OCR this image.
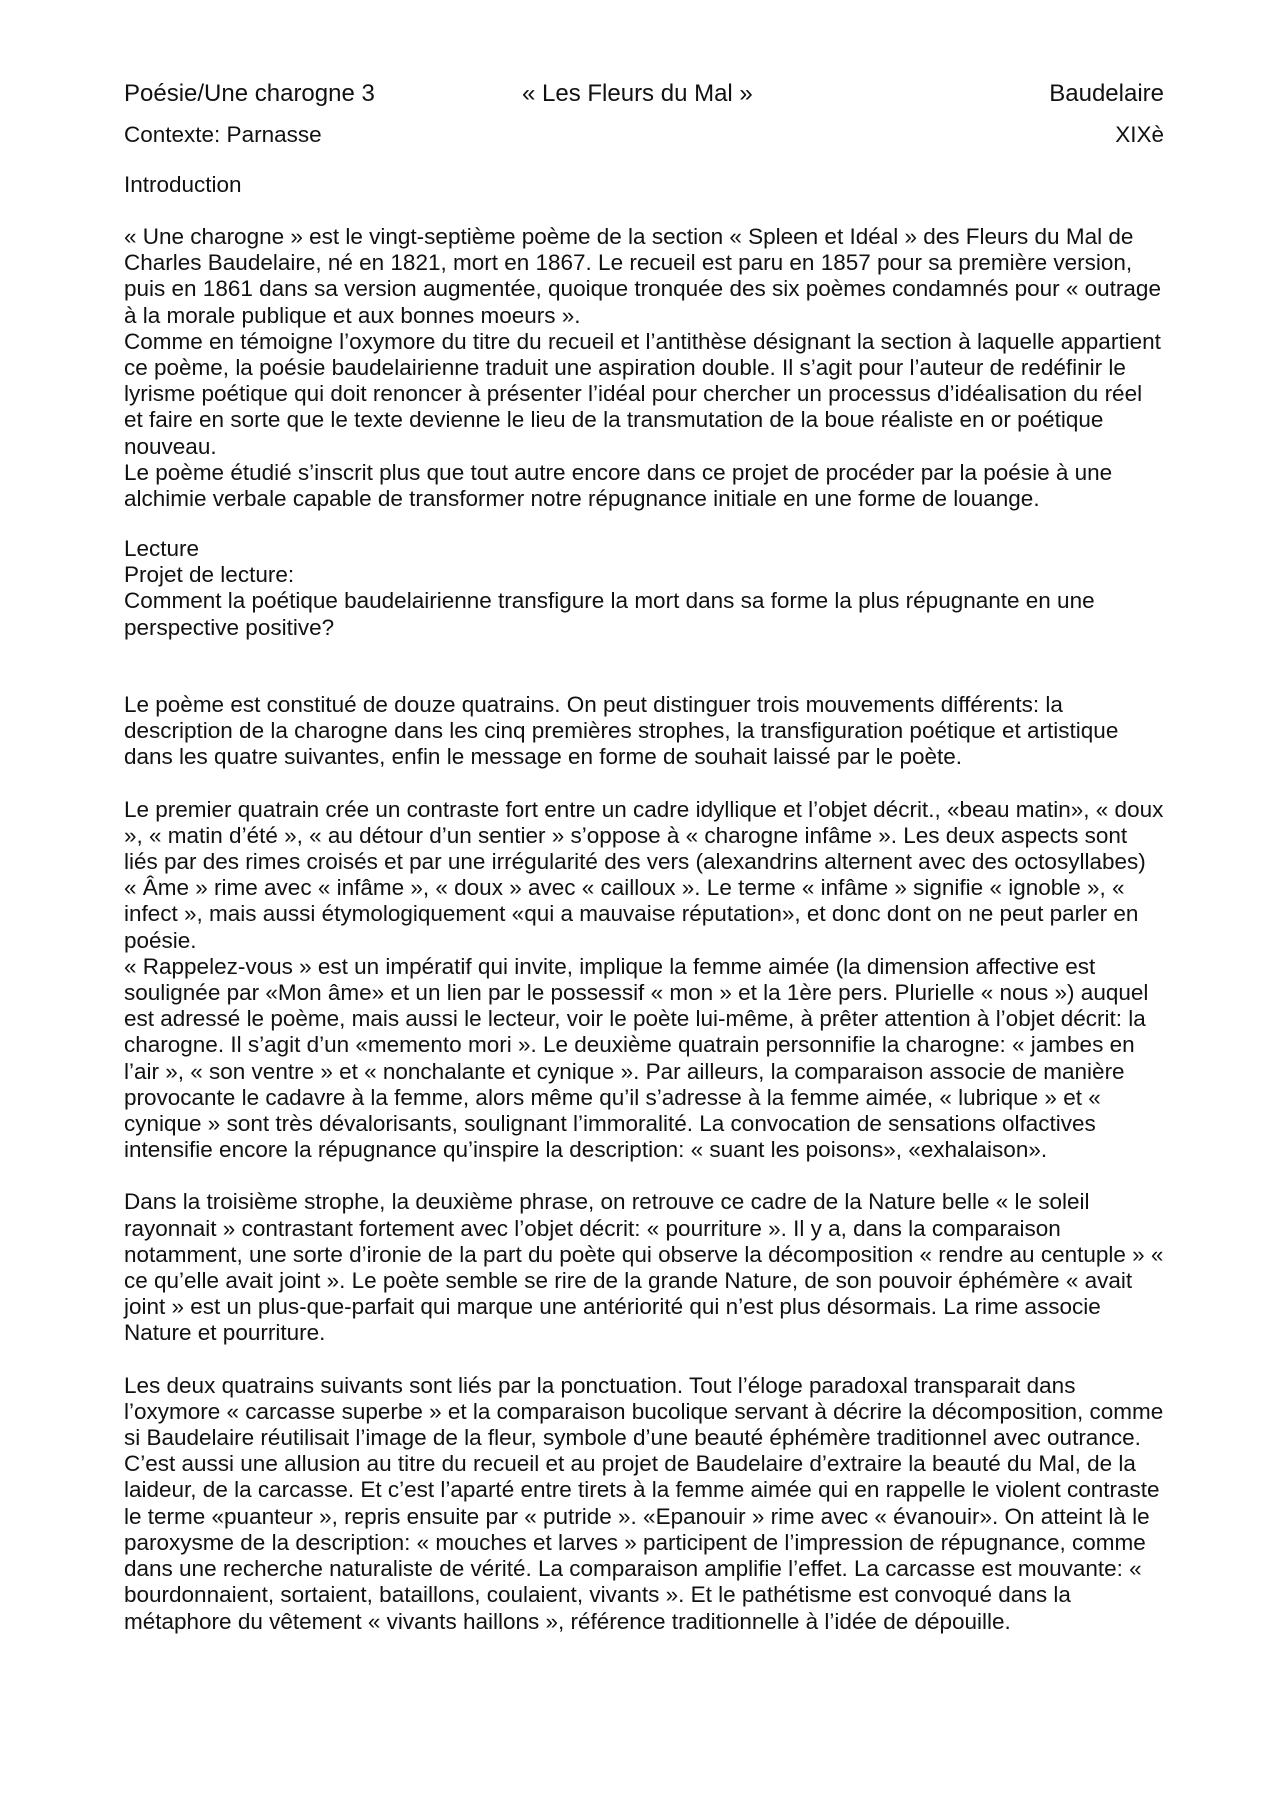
Poésie/Une charogne 3	« Les Fleurs du Mal »	Baudelaire
Contexte: Parnasse	XIXè

Introduction

« Une charogne » est le vingt-septième poème de la section « Spleen et Idéal » des Fleurs du Mal de Charles Baudelaire, né en 1821, mort en 1867. Le recueil est paru en 1857 pour sa première version, puis en 1861 dans sa version augmentée, quoique tronquée des six poèmes condamnés pour « outrage à la morale publique et aux bonnes moeurs ».

Comme en témoigne l’oxymore du titre du recueil et l’antithèse désignant la section à laquelle appartient ce poème, la poésie baudelairienne traduit une aspiration double. Il s’agit pour l’auteur de redéfinir le lyrisme poétique qui doit renoncer à présenter l’idéal pour chercher un processus d’idéalisation du réel et faire en sorte que le texte devienne le lieu de la transmutation de la boue réaliste en or poétique nouveau.

Le poème étudié s’inscrit plus que tout autre encore dans ce projet de procéder par la poésie à une alchimie verbale capable de transformer notre répugnance initiale en une forme de louange.

Lecture

Projet de lecture:

Comment la poétique baudelairienne transfigure la mort dans sa forme la plus répugnante en une perspective positive?

Le poème est constitué de douze quatrains. On peut distinguer trois mouvements différents: la description de la charogne dans les cinq premières strophes, la transfiguration poétique et artistique dans les quatre suivantes, enfin le message en forme de souhait laissé par le poète.

Le premier quatrain crée un contraste fort entre un cadre idyllique et l’objet décrit., «beau matin», « doux », « matin d’été », « au détour d’un sentier » s’oppose à « charogne infâme ». Les deux aspects sont liés par des rimes croisés et par une irrégularité des vers (alexandrins alternent avec des octosyllabes) « Âme » rime avec « infâme », « doux » avec « cailloux ». Le terme « infâme » signifie « ignoble », « infect », mais aussi étymologiquement «qui a mauvaise réputation», et donc dont on ne peut parler en poésie.

« Rappelez-vous » est un impératif qui invite, implique la femme aimée (la dimension affective est soulignée par «Mon âme» et un lien par le possessif « mon » et la 1ère pers. Plurielle « nous ») auquel est adressé le poème, mais aussi le lecteur, voir le poète lui-même, à prêter attention à l’objet décrit: la charogne. Il s’agit d’un «memento mori ». Le deuxième quatrain personnifie la charogne: « jambes en l’air », « son ventre » et « nonchalante et cynique ». Par ailleurs, la comparaison associe de manière provocante le cadavre à la femme, alors même qu’il s’adresse à la femme aimée, « lubrique » et « cynique » sont très dévalorisants, soulignant l’immoralité. La convocation de sensations olfactives intensifie encore la répugnance qu’inspire la description: « suant les poisons», «exhalaison».

Dans la troisième strophe, la deuxième phrase, on retrouve ce cadre de la Nature belle « le soleil rayonnait » contrastant fortement avec l’objet décrit: « pourriture ». Il y a, dans la comparaison notamment, une sorte d’ironie de la part du poète qui observe la décomposition « rendre au centuple » « ce qu’elle avait joint ». Le poète semble se rire de la grande Nature, de son pouvoir éphémère « avait joint » est un plus-que-parfait qui marque une antériorité qui n’est plus désormais. La rime associe Nature et pourriture.

Les deux quatrains suivants sont liés par la ponctuation. Tout l’éloge paradoxal transparait dans l’oxymore « carcasse superbe » et la comparaison bucolique servant à décrire la décomposition, comme si Baudelaire réutilisait l’image de la fleur, symbole d’une beauté éphémère traditionnel avec outrance. C’est aussi une allusion au titre du recueil et au projet de Baudelaire d’extraire la beauté du Mal, de la laideur, de la carcasse. Et c’est l’aparté entre tirets à la femme aimée qui en rappelle le violent contraste le terme «puanteur », repris ensuite par « putride ». «Epanouir » rime avec « évanouir». On atteint là le paroxysme de la description: « mouches et larves » participent de l’impression de répugnance, comme dans une recherche naturaliste de vérité. La comparaison amplifie l’effet. La carcasse est mouvante: « bourdonnaient, sortaient, bataillons, coulaient, vivants ». Et le pathétisme est convoqué dans la métaphore du vêtement « vivants haillons », référence traditionnelle à l’idée de dépouille.
